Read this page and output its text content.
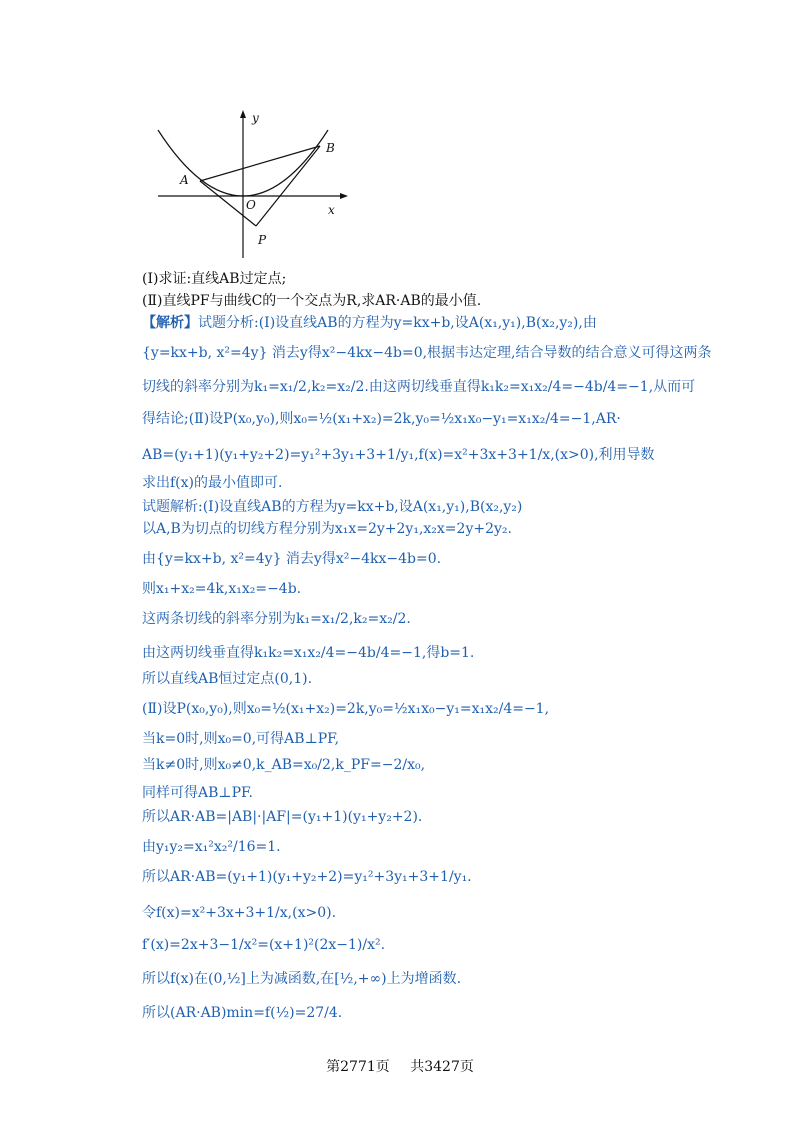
y
x
A
B
O
P
(Ⅰ)求证:直线AB过定点;
(Ⅱ)直线PF与曲线C的一个交点为R,求AR·AB的最小值.
【解析】试题分析:(Ⅰ)设直线AB的方程为y=kx+b,设A(x₁,y₁),B(x₂,y₂),由
{y=kx+b, x²=4y} 消去y得x²−4kx−4b=0,根据韦达定理,结合导数的结合意义可得这两条
切线的斜率分别为k₁=x₁/2,k₂=x₂/2.由这两切线垂直得k₁k₂=x₁x₂/4=−4b/4=−1,从而可
得结论;(Ⅱ)设P(x₀,y₀),则x₀=½(x₁+x₂)=2k,y₀=½x₁x₀−y₁=x₁x₂/4=−1,AR·
AB=(y₁+1)(y₁+y₂+2)=y₁²+3y₁+3+1/y₁,f(x)=x²+3x+3+1/x,(x>0),利用导数
求出f(x)的最小值即可.
试题解析:(Ⅰ)设直线AB的方程为y=kx+b,设A(x₁,y₁),B(x₂,y₂)
以A,B为切点的切线方程分别为x₁x=2y+2y₁,x₂x=2y+2y₂.
由{y=kx+b, x²=4y} 消去y得x²−4kx−4b=0.
则x₁+x₂=4k,x₁x₂=−4b.
这两条切线的斜率分别为k₁=x₁/2,k₂=x₂/2.
由这两切线垂直得k₁k₂=x₁x₂/4=−4b/4=−1,得b=1.
所以直线AB恒过定点(0,1).
(Ⅱ)设P(x₀,y₀),则x₀=½(x₁+x₂)=2k,y₀=½x₁x₀−y₁=x₁x₂/4=−1,
当k=0时,则x₀=0,可得AB⊥PF,
当k≠0时,则x₀≠0,k_AB=x₀/2,k_PF=−2/x₀,
同样可得AB⊥PF.
所以AR·AB=|AB|·|AF|=(y₁+1)(y₁+y₂+2).
由y₁y₂=x₁²x₂²/16=1.
所以AR·AB=(y₁+1)(y₁+y₂+2)=y₁²+3y₁+3+1/y₁.
令f(x)=x²+3x+3+1/x,(x>0).
f′(x)=2x+3−1/x²=(x+1)²(2x−1)/x².
所以f(x)在(0,½]上为减函数,在[½,+∞)上为增函数.
所以(AR·AB)min=f(½)=27/4.
第2771页 共3427页
